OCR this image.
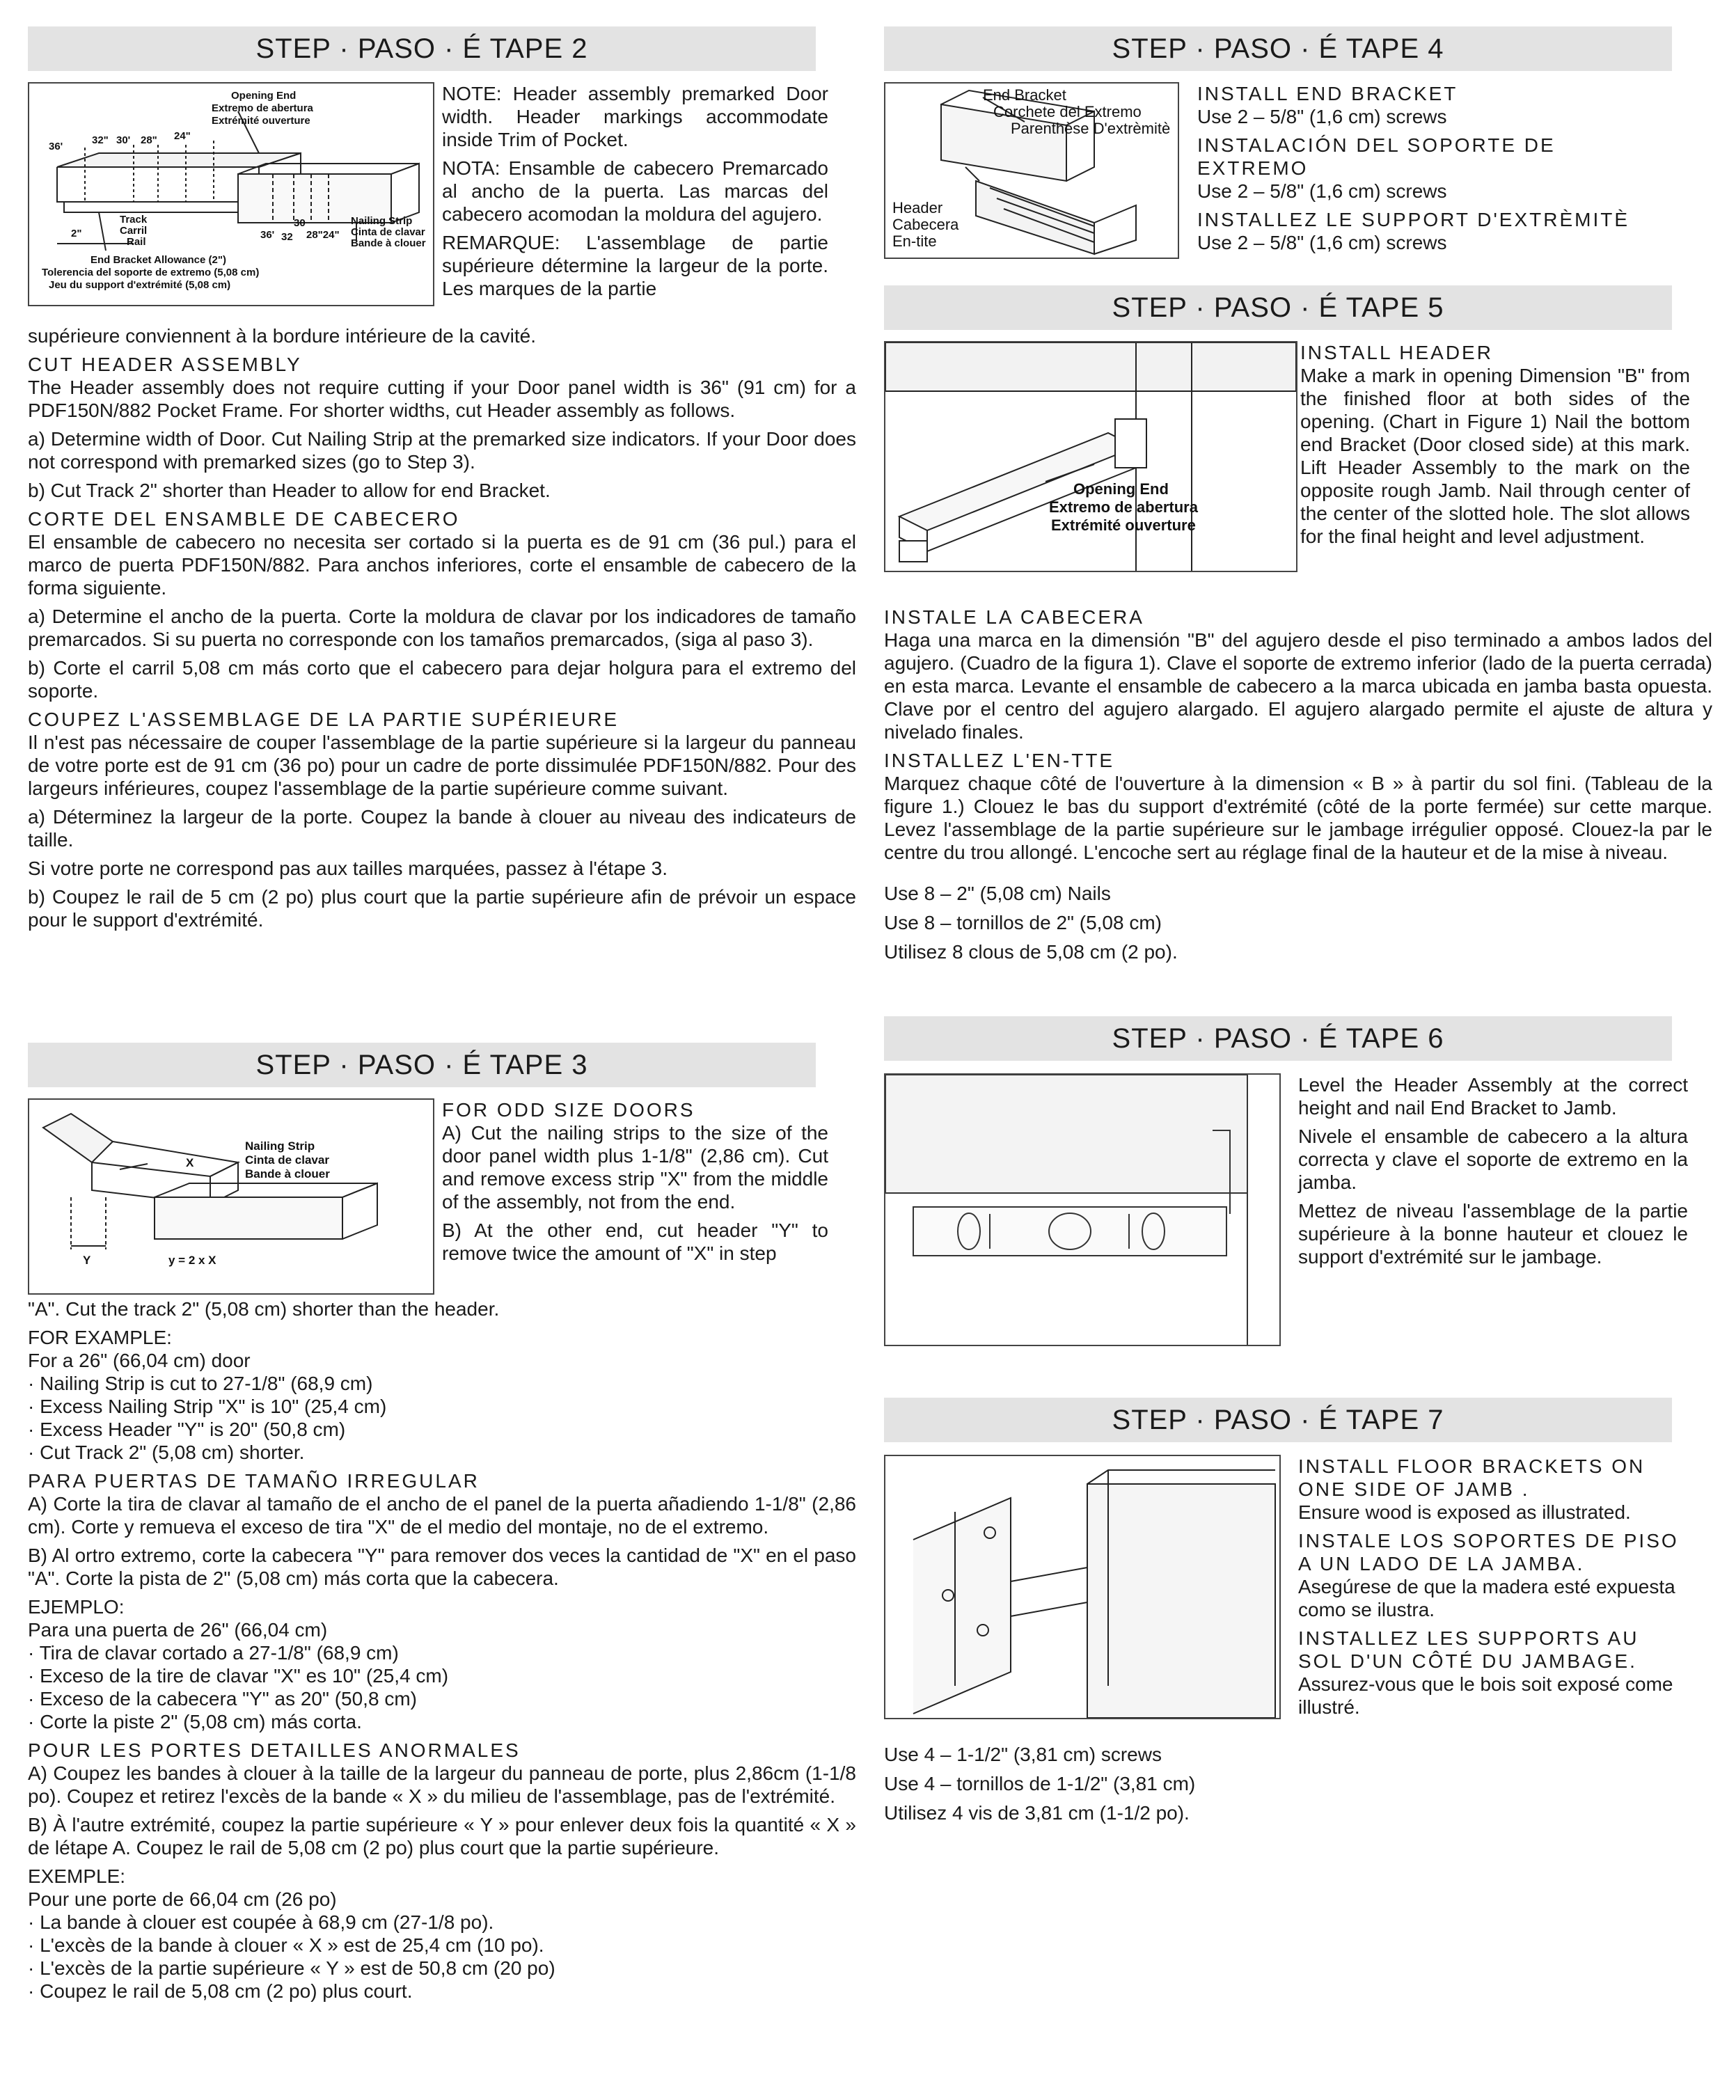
STEP · PASO · É TAPE 2
Opening End
Extremo de abertura
Extrémité ouverture
36'
32" 30' 28" 24"
Track
Carril
Rail
2"	36'
30
32 28"24"
Nailing Strip
Cinta de clavar
Bande à clouer
End Bracket Allowance (2")
Tolerencia del soporte de extremo (5,08 cm)
Jeu du support d'extrémité (5,08 cm)

NOTE: Header assembly premarked Door width. Header markings accommodate inside Trim of Pocket.

NOTA: Ensamble de cabecero Premarcado al ancho de la puerta. Las marcas del cabecero acomodan la moldura del agujero.

REMARQUE: L'assemblage de partie supérieure détermine la largeur de la porte. Les marques de la partie

supérieure conviennent à la bordure intérieure de la cavité.

CUT HEADER ASSEMBLY

The Header assembly does not require cutting if your Door panel width is 36" (91 cm) for a PDF150N/882 Pocket Frame. For shorter widths, cut Header assembly as follows.

a) Determine width of Door. Cut Nailing Strip at the premarked size indicators. If your Door does not correspond with premarked sizes (go to Step 3).

b) Cut Track 2" shorter than Header to allow for end Bracket.

CORTE DEL ENSAMBLE DE CABECERO

El ensamble de cabecero no necesita ser cortado si la puerta es de 91 cm (36 pul.) para el marco de puerta PDF150N/882. Para anchos inferiores, corte el ensamble de cabecero de la forma siguiente.

a) Determine el ancho de la puerta. Corte la moldura de clavar por los indicadores de tamaño premarcados. Si su puerta no corresponde con los tamaños premarcados, (siga al paso 3).

b) Corte el carril 5,08 cm más corto que el cabecero para dejar holgura para el extremo del soporte.

COUPEZ L'ASSEMBLAGE DE LA PARTIE SUPÉRIEURE

Il n'est pas nécessaire de couper l'assemblage de la partie supérieure si la largeur du panneau de votre porte est de 91 cm (36 po) pour un cadre de porte dissimulée PDF150N/882. Pour des largeurs inférieures, coupez l'assemblage de la partie supérieure comme suivant.

a) Déterminez la largeur de la porte. Coupez la bande à clouer au niveau des indicateurs de taille.

Si votre porte ne correspond pas aux tailles marquées, passez à l'étape 3.

b) Coupez le rail de 5 cm (2 po) plus court que la partie supérieure afin de prévoir un espace pour le support d'extrémité.

STEP · PASO · É TAPE 3
Nailing Strip
Cinta de clavar
Bande à clouer
X
Y	y = 2 x X

FOR ODD SIZE DOORS

A) Cut the nailing strips to the size of the door panel width plus 1-1/8" (2,86 cm). Cut and remove excess strip "X" from the middle of the assembly, not from the end.

B) At the other end, cut header "Y" to remove twice the amount of "X" in step

"A". Cut the track 2" (5,08 cm) shorter than the header.

FOR EXAMPLE:

For a 26" (66,04 cm) door
· Nailing Strip is cut to 27-1/8" (68,9 cm)
· Excess Nailing Strip "X" is 10" (25,4 cm)
· Excess Header "Y" is 20" (50,8 cm)
· Cut Track 2" (5,08 cm) shorter.

PARA PUERTAS DE TAMAÑO IRREGULAR

A) Corte la tira de clavar al tamaño de el ancho de el panel de la puerta añadiendo 1-1/8" (2,86 cm). Corte y remueva el exceso de tira "X" de el medio del montaje, no de el extremo.

B) Al ortro extremo, corte la cabecera "Y" para remover dos veces la cantidad de "X" en el paso "A". Corte la pista de 2" (5,08 cm) más corta que la cabecera.

EJEMPLO:

Para una puerta de 26" (66,04 cm)
· Tira de clavar cortado a 27-1/8" (68,9 cm)
· Exceso de la tire de clavar "X" es 10" (25,4 cm)
· Exceso de la cabecera "Y" as 20" (50,8 cm)
· Corte la piste 2" (5,08 cm) más corta.

POUR LES PORTES DETAILLES ANORMALES

A) Coupez les bandes à clouer à la taille de la largeur du panneau de porte, plus 2,86cm (1-1/8 po). Coupez et retirez l'excès de la bande « X » du milieu de l'assemblage, pas de l'extrémité.

B) À l'autre extrémité, coupez la partie supérieure « Y » pour enlever deux fois la quantité « X » de létape A. Coupez le rail de 5,08 cm (2 po) plus court que la partie supérieure.

EXEMPLE:

Pour une porte de 66,04 cm (26 po)
· La bande à clouer est coupée à 68,9 cm (27-1/8 po).
· L'excès de la bande à clouer « X » est de 25,4 cm (10 po).
· L'excès de la partie supérieure « Y » est de 50,8 cm (20 po)
· Coupez le rail de 5,08 cm (2 po) plus court.
STEP · PASO · É TAPE 4
End Bracket
Corchete del Extremo
Parenthèse D'extrèmitè
Header
Cabecera
En-tite
INSTALL END BRACKET

Use 2 – 5/8" (1,6 cm) screws

INSTALACIÓN DEL SOPORTE DE EXTREMO

Use 2 – 5/8" (1,6 cm) screws

INSTALLEZ LE SUPPORT D'EXTRÈMITÈ

Use 2 – 5/8" (1,6 cm) screws

STEP · PASO · É TAPE 5
Opening End
Extremo de abertura
Extrémité ouverture
INSTALL HEADER

Make a mark in opening Dimension "B" from the finished floor at both sides of the opening. (Chart in Figure 1) Nail the bottom end Bracket (Door closed side) at this mark. Lift Header Assembly to the mark on the opposite rough Jamb. Nail through center of the center of the slotted hole. The slot allows for the final height and level adjustment.

INSTALE LA CABECERA

Haga una marca en la dimensión "B" del agujero desde el piso terminado a ambos lados del agujero. (Cuadro de la figura 1). Clave el soporte de extremo inferior (lado de la puerta cerrada) en esta marca. Levante el ensamble de cabecero a la marca ubicada en jamba basta opuesta. Clave por el centro del agujero alargado. El agujero alargado permite el ajuste de altura y nivelado finales.

INSTALLEZ L'EN-TTE

Marquez chaque côté de l'ouverture à la dimension « B » à partir du sol fini. (Tableau de la figure 1.) Clouez le bas du support d'extrémité (côté de la porte fermée) sur cette marque. Levez l'assemblage de la partie supérieure sur le jambage irrégulier opposé. Clouez-la par le centre du trou allongé. L'encoche sert au réglage final de la hauteur et de la mise à niveau.

Use 8 – 2" (5,08 cm) Nails
Use 8 – tornillos de 2" (5,08 cm)
Utilisez 8 clous de 5,08 cm (2 po).
STEP · PASO · É TAPE 6

Level the Header Assembly at the correct height and nail End Bracket to Jamb.

Nivele el ensamble de cabecero a la altura correcta y clave el soporte de extremo en la jamba.

Mettez de niveau l'assemblage de la partie supérieure à la bonne hauteur et clouez le support d'extrémité sur le jambage.

STEP · PASO · É TAPE 7
INSTALL FLOOR BRACKETS ON ONE SIDE OF JAMB .

Ensure wood is exposed as illustrated.

INSTALE LOS SOPORTES DE PISO A UN LADO DE LA JAMBA.

Asegúrese de que la madera esté expuesta como se ilustra.

INSTALLEZ LES SUPPORTS AU SOL D'UN CÔTÉ DU JAMBAGE.

Assurez-vous que le bois soit exposé come illustré.

Use 4 – 1-1/2" (3,81 cm) screws
Use 4 – tornillos de 1-1/2" (3,81 cm)
Utilisez 4 vis de 3,81 cm (1-1/2 po).
